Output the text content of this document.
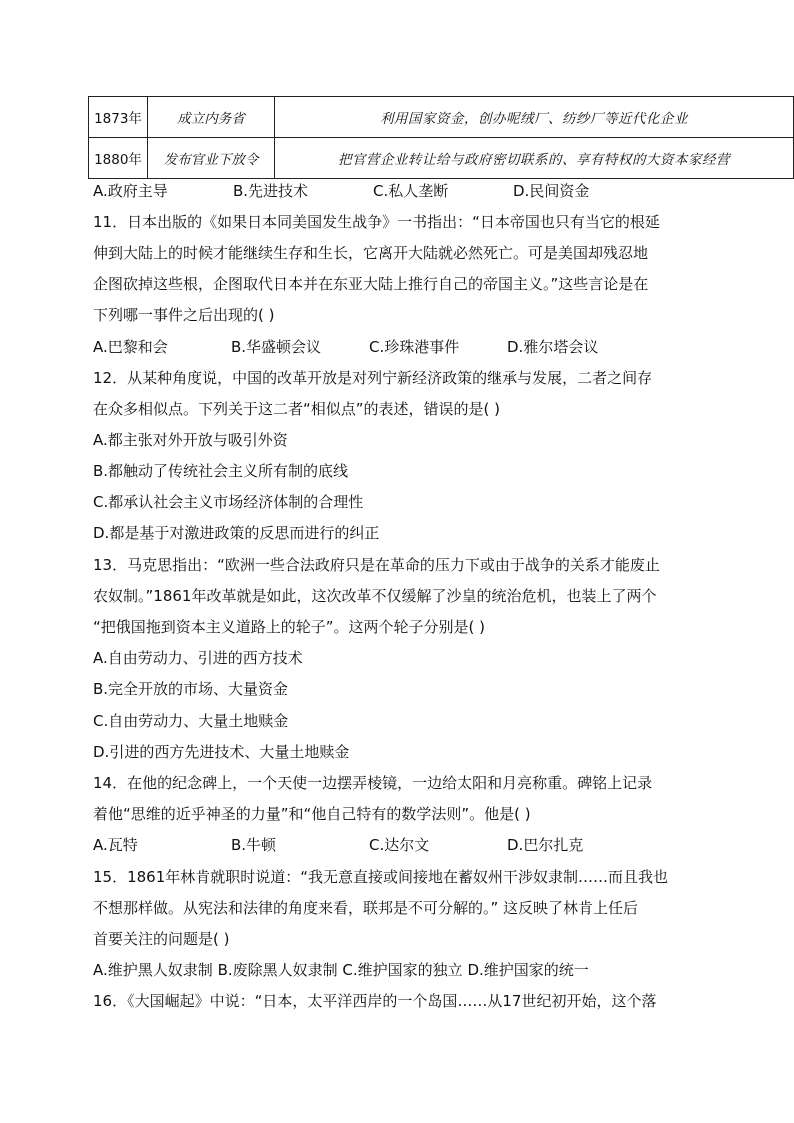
1873年	成立内务省	利用国家资金，创办呢绒厂、纺纱厂等近代化企业
1880年	发布官业下放令	把官营企业转让给与政府密切联系的、享有特权的大资本家经营
A.政府主导	B.先进技术	C.私人垄断	D.民间资金
11．日本出版的《如果日本同美国发生战争》一书指出：“日本帝国也只有当它的根延
伸到大陆上的时候才能继续生存和生长，它离开大陆就必然死亡。可是美国却残忍地
企图砍掉这些根，企图取代日本并在东亚大陆上推行自己的帝国主义。”这些言论是在
下列哪一事件之后出现的( )
A.巴黎和会	B.华盛顿会议	C.珍珠港事件	D.雅尔塔会议
12．从某种角度说，中国的改革开放是对列宁新经济政策的继承与发展，二者之间存
在众多相似点。下列关于这二者“相似点”的表述，错误的是( )
A.都主张对外开放与吸引外资
B.都触动了传统社会主义所有制的底线
C.都承认社会主义市场经济体制的合理性
D.都是基于对激进政策的反思而进行的纠正
13．马克思指出：“欧洲一些合法政府只是在革命的压力下或由于战争的关系才能废止
农奴制。”1861年改革就是如此，这次改革不仅缓解了沙皇的统治危机，也装上了两个
“把俄国拖到资本主义道路上的轮子”。这两个轮子分别是( )
A.自由劳动力、引进的西方技术
B.完全开放的市场、大量资金
C.自由劳动力、大量土地赎金
D.引进的西方先进技术、大量土地赎金
14．在他的纪念碑上，一个天使一边摆弄棱镜，一边给太阳和月亮称重。碑铭上记录
着他“思维的近乎神圣的力量”和“他自己特有的数学法则”。他是( )
A.瓦特	B.牛顿	C.达尔文	D.巴尔扎克
15．1861年林肯就职时说道：“我无意直接或间接地在蓄奴州干涉奴隶制……而且我也
不想那样做。从宪法和法律的角度来看，联邦是不可分解的。” 这反映了林肯上任后
首要关注的问题是( )
A.维护黑人奴隶制 B.废除黑人奴隶制 C.维护国家的独立 D.维护国家的统一
16．《大国崛起》中说：“日本，太平洋西岸的一个岛国……从17世纪初开始，这个落
